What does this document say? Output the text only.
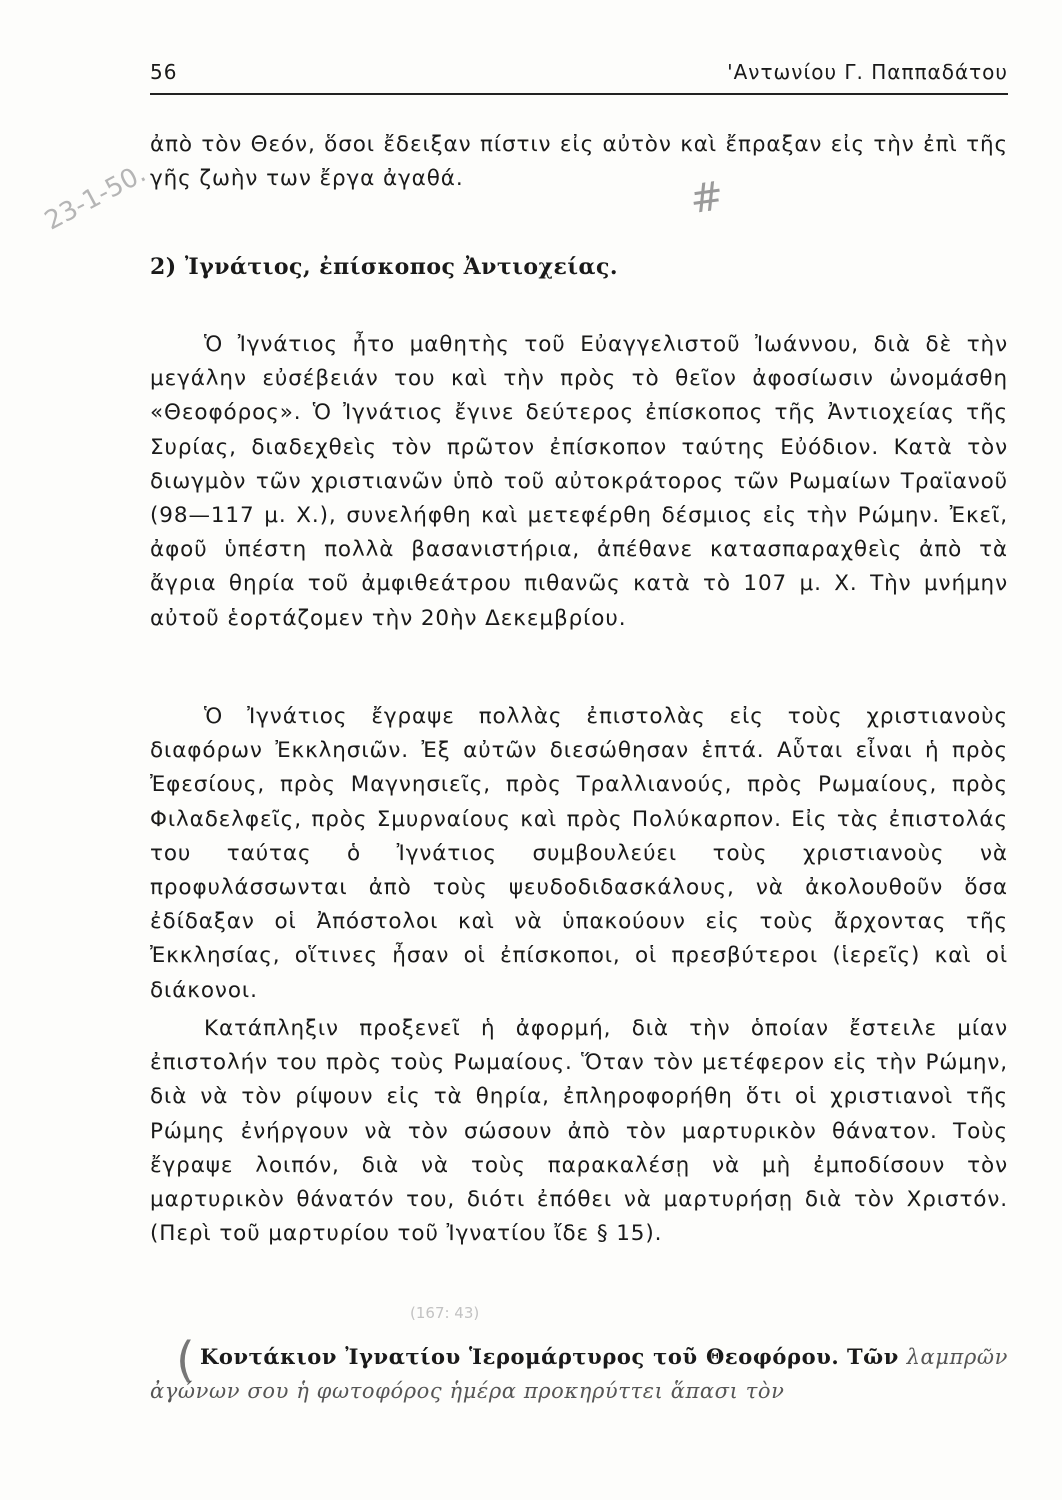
56	'Αντωνίου Γ. Παππαδάτου

ἀπὸ τὸν Θεόν, ὅσοι ἔδειξαν πίστιν εἰς αὐτὸν καὶ ἔπραξαν εἰς τὴν ἐπὶ τῆς γῆς ζωὴν των ἔργα ἀγαθά.

23-1-50.	#
2) Ἰγνάτιος, ἐπίσκοπος Ἀντιοχείας.

Ὁ Ἰγνάτιος ἦτο μαθητὴς τοῦ Εὐαγγελιστοῦ Ἰωάννου, διὰ δὲ τὴν μεγάλην εὐσέβειάν του καὶ τὴν πρὸς τὸ θεῖον ἀφοσίωσιν ὠνομάσθη «Θεοφόρος». Ὁ Ἰγνάτιος ἔγινε δεύτερος ἐπίσκοπος τῆς Ἀντιοχείας τῆς Συρίας, διαδεχθεὶς τὸν πρῶτον ἐπίσκοπον ταύτης Εὐόδιον. Κατὰ τὸν διωγμὸν τῶν χριστιανῶν ὑπὸ τοῦ αὐτοκράτορος τῶν Ρωμαίων Τραϊανοῦ (98—117 μ. Χ.), συνελήφθη καὶ μετεφέρθη δέσμιος εἰς τὴν Ρώμην. Ἐκεῖ, ἀφοῦ ὑπέστη πολλὰ βασανιστήρια, ἀπέθανε κατασπαραχθεὶς ἀπὸ τὰ ἄγρια θηρία τοῦ ἀμφιθεάτρου πιθανῶς κατὰ τὸ 107 μ. Χ. Τὴν μνήμην αὐτοῦ ἑορτάζομεν τὴν 20ὴν Δεκεμβρίου.

Ὁ Ἰγνάτιος ἔγραψε πολλὰς ἐπιστολὰς εἰς τοὺς χριστιανοὺς διαφόρων Ἐκκλησιῶν. Ἐξ αὐτῶν διεσώθησαν ἑπτά. Αὗται εἶναι ἡ πρὸς Ἐφεσίους, πρὸς Μαγνησιεῖς, πρὸς Τραλλιανούς, πρὸς Ρωμαίους, πρὸς Φιλαδελφεῖς, πρὸς Σμυρναίους καὶ πρὸς Πολύκαρπον. Εἰς τὰς ἐπιστολάς του ταύτας ὁ Ἰγνάτιος συμβουλεύει τοὺς χριστιανοὺς νὰ προφυλάσσωνται ἀπὸ τοὺς ψευδοδιδασκάλους, νὰ ἀκολουθοῦν ὅσα ἐδίδαξαν οἱ Ἀπόστολοι καὶ νὰ ὑπακούουν εἰς τοὺς ἄρχοντας τῆς Ἐκκλησίας, οἵτινες ἦσαν οἱ ἐπίσκοποι, οἱ πρεσβύτεροι (ἱερεῖς) καὶ οἱ διάκονοι.

Κατάπληξιν προξενεῖ ἡ ἀφορμή, διὰ τὴν ὁποίαν ἔστειλε μίαν ἐπιστολήν του πρὸς τοὺς Ρωμαίους. Ὅταν τὸν μετέφερον εἰς τὴν Ρώμην, διὰ νὰ τὸν ρίψουν εἰς τὰ θηρία, ἐπληροφορήθη ὅτι οἱ χριστιανοὶ τῆς Ρώμης ἐνήργουν νὰ τὸν σώσουν ἀπὸ τὸν μαρτυρικὸν θάνατον. Τοὺς ἔγραψε λοιπόν, διὰ νὰ τοὺς παρακαλέσῃ νὰ μὴ ἐμποδίσουν τὸν μαρτυρικὸν θάνατόν του, διότι ἐπόθει νὰ μαρτυρήσῃ διὰ τὸν Χριστόν. (Περὶ τοῦ μαρτυρίου τοῦ Ἰγνατίου ἴδε § 15).

(167: 43)
( Κοντάκιον Ἰγνατίου Ἱερομάρτυρος τοῦ Θεοφόρου. Τῶν λαμπρῶν ἀγώνων σου ἡ φωτοφόρος ἡμέρα προκηρύττει ἅπασι τὸν
